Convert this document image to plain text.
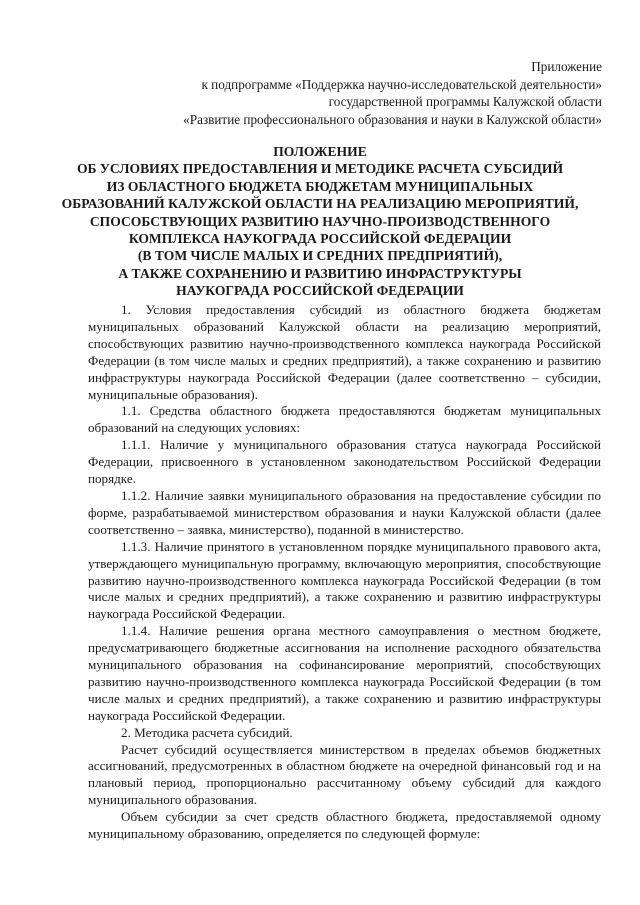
Приложение
к подпрограмме «Поддержка научно-исследовательской деятельности»
государственной программы Калужской области
«Развитие профессионального образования и науки в Калужской области»
ПОЛОЖЕНИЕ
ОБ УСЛОВИЯХ ПРЕДОСТАВЛЕНИЯ И МЕТОДИКЕ РАСЧЕТА СУБСИДИЙ
ИЗ ОБЛАСТНОГО БЮДЖЕТА БЮДЖЕТАМ МУНИЦИПАЛЬНЫХ
ОБРАЗОВАНИЙ КАЛУЖСКОЙ ОБЛАСТИ НА РЕАЛИЗАЦИЮ МЕРОПРИЯТИЙ,
СПОСОБСТВУЮЩИХ РАЗВИТИЮ НАУЧНО-ПРОИЗВОДСТВЕННОГО
КОМПЛЕКСА НАУКОГРАДА РОССИЙСКОЙ ФЕДЕРАЦИИ
(В ТОМ ЧИСЛЕ МАЛЫХ И СРЕДНИХ ПРЕДПРИЯТИЙ),
А ТАКЖЕ СОХРАНЕНИЮ И РАЗВИТИЮ ИНФРАСТРУКТУРЫ
НАУКОГРАДА РОССИЙСКОЙ ФЕДЕРАЦИИ

1. Условия предоставления субсидий из областного бюджета бюджетам муниципальных образований Калужской области на реализацию мероприятий, способствующих развитию научно-производственного комплекса наукограда Российской Федерации (в том числе малых и средних предприятий), а также сохранению и развитию инфраструктуры наукограда Российской Федерации (далее соответственно – субсидии, муниципальные образования).

1.1. Средства областного бюджета предоставляются бюджетам муниципальных образований на следующих условиях:

1.1.1. Наличие у муниципального образования статуса наукограда Российской Федерации, присвоенного в установленном законодательством Российской Федерации порядке.

1.1.2. Наличие заявки муниципального образования на предоставление субсидии по форме, разрабатываемой министерством образования и науки Калужской области (далее соответственно – заявка, министерство), поданной в министерство.

1.1.3. Наличие принятого в установленном порядке муниципального правового акта, утверждающего муниципальную программу, включающую мероприятия, способствующие развитию научно-производственного комплекса наукограда Российской Федерации (в том числе малых и средних предприятий), а также сохранению и развитию инфраструктуры наукограда Российской Федерации.

1.1.4. Наличие решения органа местного самоуправления о местном бюджете, предусматривающего бюджетные ассигнования на исполнение расходного обязательства муниципального образования на софинансирование мероприятий, способствующих развитию научно-производственного комплекса наукограда Российской Федерации (в том числе малых и средних предприятий), а также сохранению и развитию инфраструктуры наукограда Российской Федерации.

2. Методика расчета субсидий.

Расчет субсидий осуществляется министерством в пределах объемов бюджетных ассигнований, предусмотренных в областном бюджете на очередной финансовый год и на плановый период, пропорционально рассчитанному объему субсидий для каждого муниципального образования.

Объем субсидии за счет средств областного бюджета, предоставляемой одному муниципальному образованию, определяется по следующей формуле:
